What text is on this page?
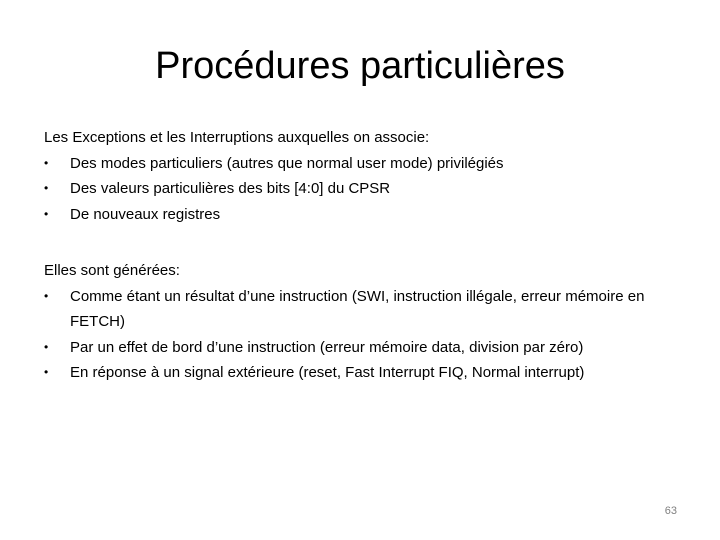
Procédures particulières
Les Exceptions et les Interruptions auxquelles on associe:
•	Des modes particuliers (autres que normal user mode) privilégiés
•	Des valeurs particulières des bits [4:0] du CPSR
•	De nouveaux registres
Elles sont générées:
•	Comme étant un résultat d’une instruction (SWI, instruction illégale, erreur mémoire en FETCH)
•	Par un effet de bord d’une instruction (erreur mémoire data, division par zéro)
•	En réponse à un signal extérieure (reset, Fast Interrupt FIQ, Normal interrupt)
63
